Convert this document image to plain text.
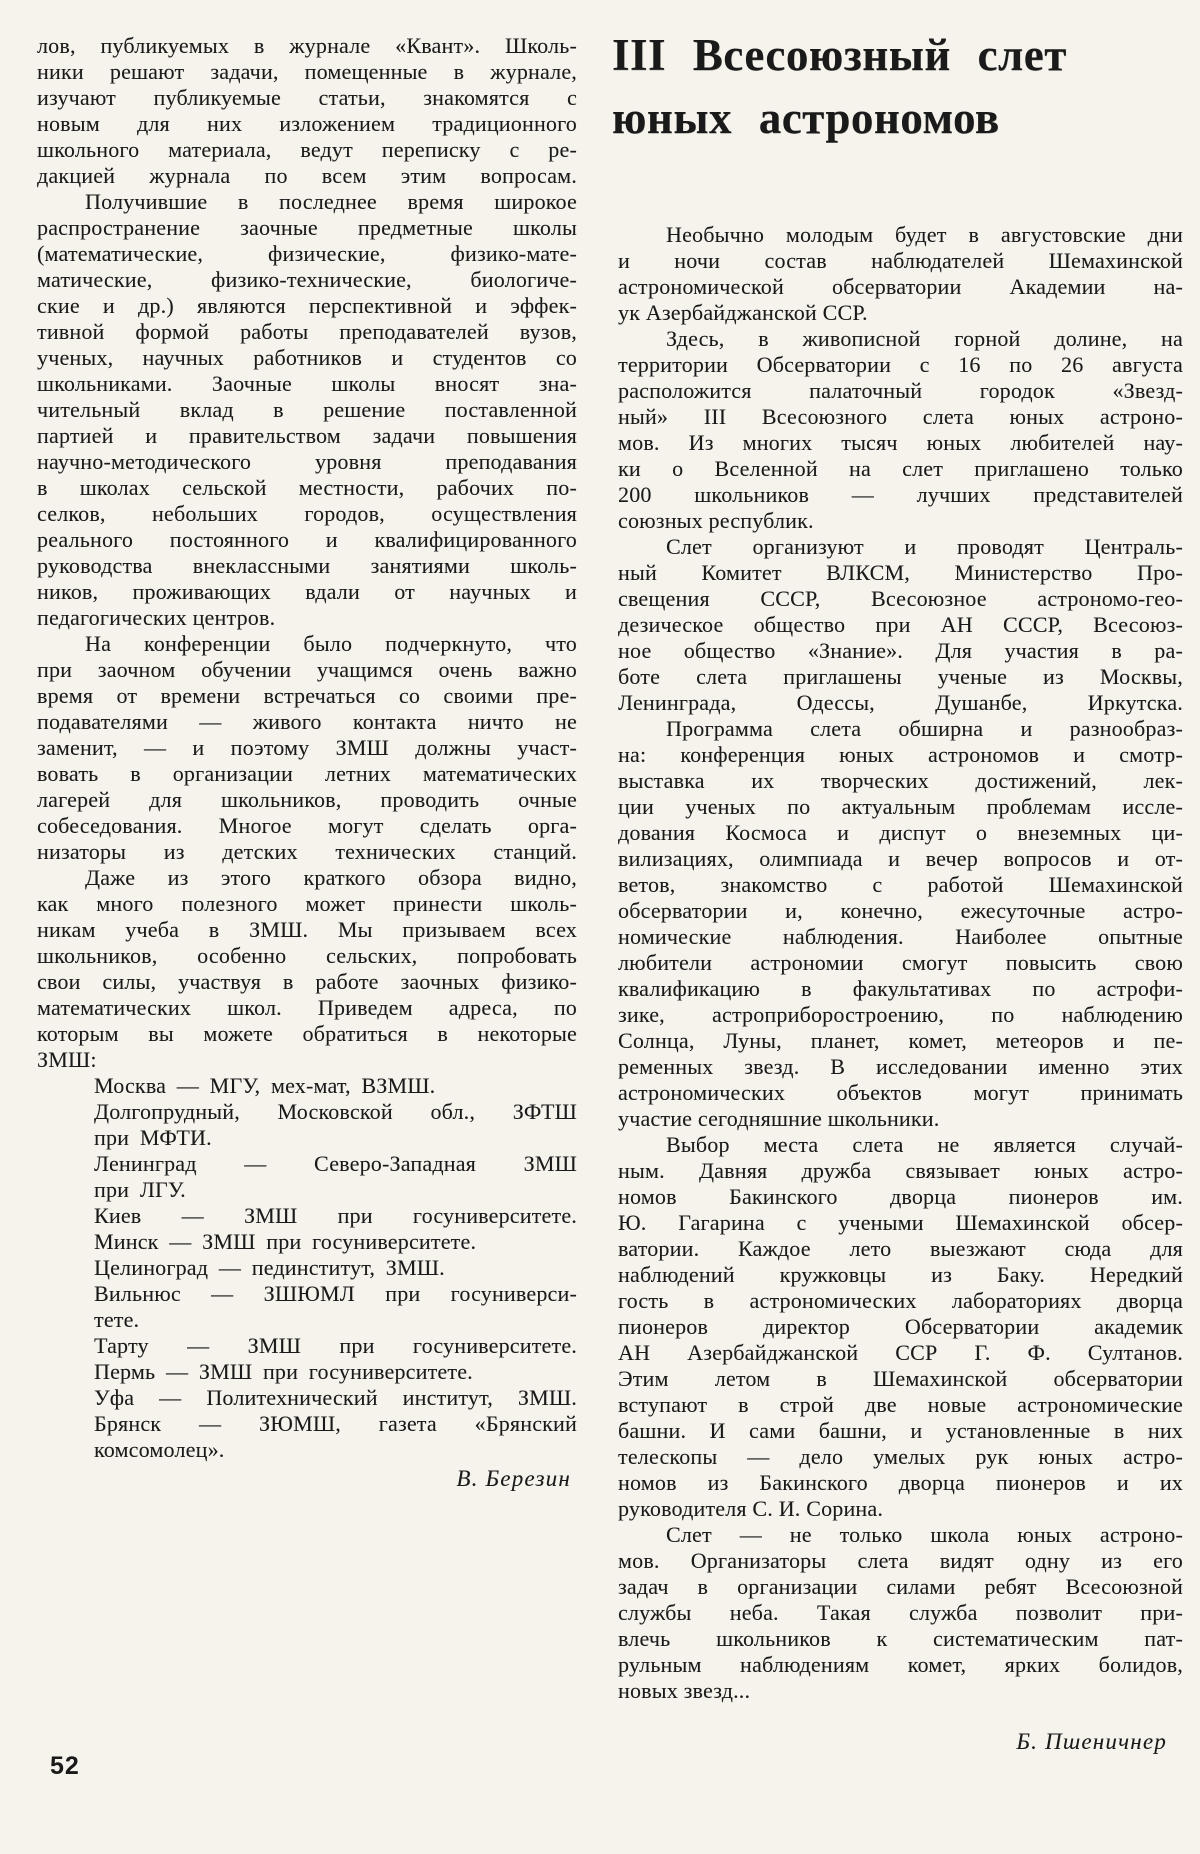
III Всесоюзный слет
юных астрономов
лов, публикуемых в журнале «Квант». Школь-
ники решают задачи, помещенные в журнале,
изучают публикуемые статьи, знакомятся с
новым для них изложением традиционного
школьного материала, ведут переписку с ре-
дакцией журнала по всем этим вопросам.
Получившие в последнее время широкое
распространение заочные предметные школы
(математические, физические, физико-мате-
матические, физико-технические, биологиче-
ские и др.) являются перспективной и эффек-
тивной формой работы преподавателей вузов,
ученых, научных работников и студентов со
школьниками. Заочные школы вносят зна-
чительный вклад в решение поставленной
партией и правительством задачи повышения
научно-методического уровня преподавания
в школах сельской местности, рабочих по-
селков, небольших городов, осуществления
реального постоянного и квалифицированного
руководства внеклассными занятиями школь-
ников, проживающих вдали от научных и
педагогических центров.
На конференции было подчеркнуто, что
при заочном обучении учащимся очень важно
время от времени встречаться со своими пре-
подавателями — живого контакта ничто не
заменит, — и поэтому ЗМШ должны участ-
вовать в организации летних математических
лагерей для школьников, проводить очные
собеседования. Многое могут сделать орга-
низаторы из детских технических станций.
Даже из этого краткого обзора видно,
как много полезного может принести школь-
никам учеба в ЗМШ. Мы призываем всех
школьников, особенно сельских, попробовать
свои силы, участвуя в работе заочных физико-
математических школ. Приведем адреса, по
которым вы можете обратиться в некоторые
ЗМШ:
Москва — МГУ, мех-мат, ВЗМШ.
Долгопрудный, Московской обл., ЗФТШ
при МФТИ.
Ленинград — Северо-Западная ЗМШ
при ЛГУ.
Киев — ЗМШ при госуниверситете.
Минск — ЗМШ при госуниверситете.
Целиноград — пединститут, ЗМШ.
Вильнюс — ЗШЮМЛ при госуниверси-
тете.
Тарту — ЗМШ при госуниверситете.
Пермь — ЗМШ при госуниверситете.
Уфа — Политехнический институт, ЗМШ.
Брянск — ЗЮМШ, газета «Брянский
комсомолец».
В. Березин
Необычно молодым будет в августовские дни
и ночи состав наблюдателей Шемахинской
астрономической обсерватории Академии на-
ук Азербайджанской ССР.
Здесь, в живописной горной долине, на
территории Обсерватории с 16 по 26 августа
расположится палаточный городок «Звезд-
ный» III Всесоюзного слета юных астроно-
мов. Из многих тысяч юных любителей нау-
ки о Вселенной на слет приглашено только
200 школьников — лучших представителей
союзных республик.
Слет организуют и проводят Централь-
ный Комитет ВЛКСМ, Министерство Про-
свещения СССР, Всесоюзное астрономо-гео-
дезическое общество при АН СССР, Всесоюз-
ное общество «Знание». Для участия в ра-
боте слета приглашены ученые из Москвы,
Ленинграда, Одессы, Душанбе, Иркутска.
Программа слета обширна и разнообраз-
на: конференция юных астрономов и смотр-
выставка их творческих достижений, лек-
ции ученых по актуальным проблемам иссле-
дования Космоса и диспут о внеземных ци-
вилизациях, олимпиада и вечер вопросов и от-
ветов, знакомство с работой Шемахинской
обсерватории и, конечно, ежесуточные астро-
номические наблюдения. Наиболее опытные
любители астрономии смогут повысить свою
квалификацию в факультативах по астрофи-
зике, астроприборостроению, по наблюдению
Солнца, Луны, планет, комет, метеоров и пе-
ременных звезд. В исследовании именно этих
астрономических объектов могут принимать
участие сегодняшние школьники.
Выбор места слета не является случай-
ным. Давняя дружба связывает юных астро-
номов Бакинского дворца пионеров им.
Ю. Гагарина с учеными Шемахинской обсер-
ватории. Каждое лето выезжают сюда для
наблюдений кружковцы из Баку. Нередкий
гость в астрономических лабораториях дворца
пионеров директор Обсерватории академик
АН Азербайджанской ССР Г. Ф. Султанов.
Этим летом в Шемахинской обсерватории
вступают в строй две новые астрономические
башни. И сами башни, и установленные в них
телескопы — дело умелых рук юных астро-
номов из Бакинского дворца пионеров и их
руководителя С. И. Сорина.
Слет — не только школа юных астроно-
мов. Организаторы слета видят одну из его
задач в организации силами ребят Всесоюзной
службы неба. Такая служба позволит при-
влечь школьников к систематическим пат-
рульным наблюдениям комет, ярких болидов,
новых звезд...
Б. Пшеничнер
52
